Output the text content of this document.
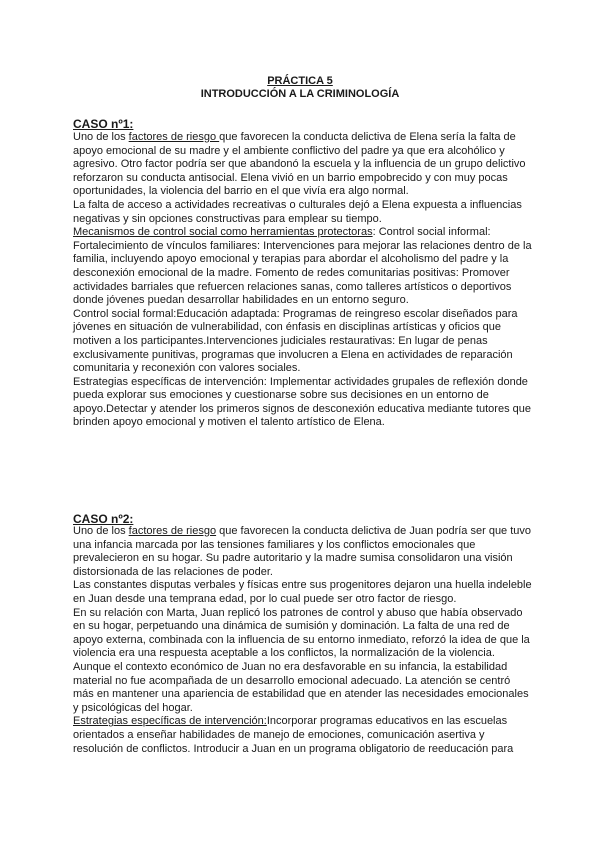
PRÁCTICA 5
INTRODUCCIÓN A LA CRIMINOLOGÍA
CASO nº1:

Uno de los factores de riesgo que favorecen la conducta delictiva de Elena sería la falta de apoyo emocional de su madre y el ambiente conflictivo del padre ya que era alcohólico y agresivo. Otro factor podría ser que abandonó la escuela y la influencia de un grupo delictivo reforzaron su conducta antisocial. Elena vivió en un barrio empobrecido y con muy pocas oportunidades, la violencia del barrio en el que vivía era algo normal.

La falta de acceso a actividades recreativas o culturales dejó a Elena expuesta a influencias negativas y sin opciones constructivas para emplear su tiempo.

Mecanismos de control social como herramientas protectoras: Control social informal:

Fortalecimiento de vínculos familiares: Intervenciones para mejorar las relaciones dentro de la familia, incluyendo apoyo emocional y terapias para abordar el alcoholismo del padre y la desconexión emocional de la madre. Fomento de redes comunitarias positivas: Promover actividades barriales que refuercen relaciones sanas, como talleres artísticos o deportivos donde jóvenes puedan desarrollar habilidades en un entorno seguro.

Control social formal:Educación adaptada: Programas de reingreso escolar diseñados para jóvenes en situación de vulnerabilidad, con énfasis en disciplinas artísticas y oficios que motiven a los participantes.Intervenciones judiciales restaurativas: En lugar de penas exclusivamente punitivas, programas que involucren a Elena en actividades de reparación comunitaria y reconexión con valores sociales.

Estrategias específicas de intervención: Implementar actividades grupales de reflexión donde pueda explorar sus emociones y cuestionarse sobre sus decisiones en un entorno de apoyo.Detectar y atender los primeros signos de desconexión educativa mediante tutores que brinden apoyo emocional y motiven el talento artístico de Elena.

CASO nº2:

Uno de los factores de riesgo que favorecen la conducta delictiva de Juan podría ser que tuvo una infancia marcada por las tensiones familiares y los conflictos emocionales que prevalecieron en su hogar. Su padre autoritario y la madre sumisa consolidaron una visión distorsionada de las relaciones de poder.

Las constantes disputas verbales y físicas entre sus progenitores dejaron una huella indeleble en Juan desde una temprana edad, por lo cual puede ser otro factor de riesgo.

En su relación con Marta, Juan replicó los patrones de control y abuso que había observado en su hogar, perpetuando una dinámica de sumisión y dominación. La falta de una red de apoyo externa, combinada con la influencia de su entorno inmediato, reforzó la idea de que la violencia era una respuesta aceptable a los conflictos, la normalización de la violencia.

Aunque el contexto económico de Juan no era desfavorable en su infancia, la estabilidad material no fue acompañada de un desarrollo emocional adecuado. La atención se centró más en mantener una apariencia de estabilidad que en atender las necesidades emocionales y psicológicas del hogar.

Estrategias específicas de intervención:Incorporar programas educativos en las escuelas orientados a enseñar habilidades de manejo de emociones, comunicación asertiva y resolución de conflictos. Introducir a Juan en un programa obligatorio de reeducación para
